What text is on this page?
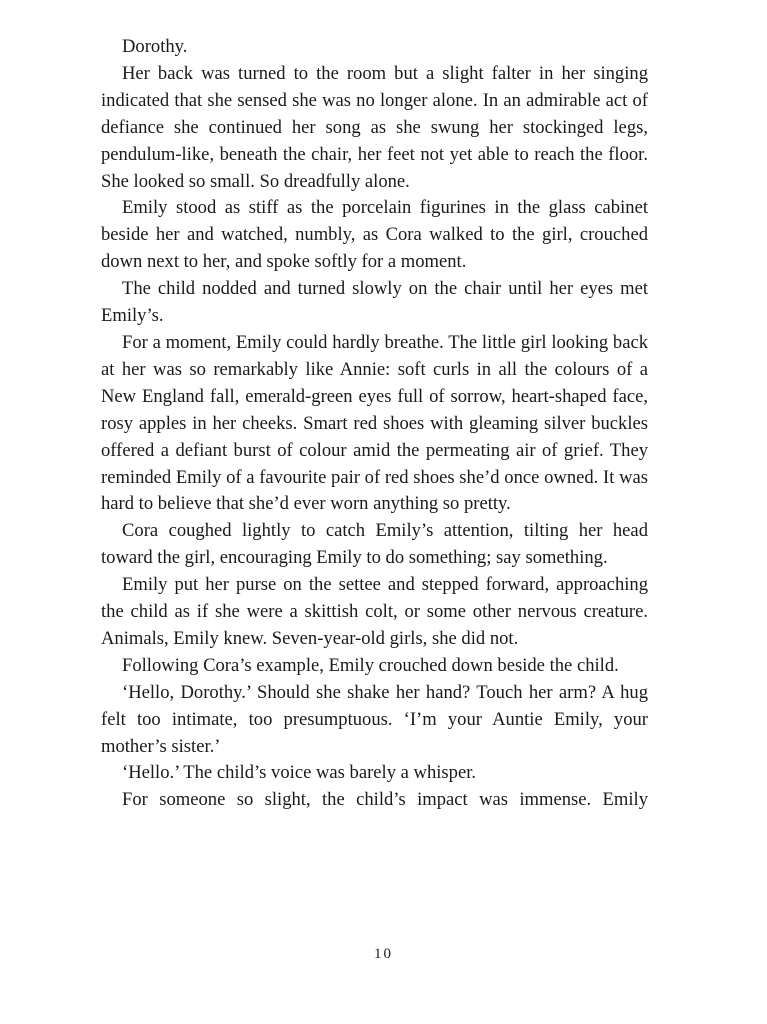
Dorothy.

Her back was turned to the room but a slight falter in her singing indicated that she sensed she was no longer alone. In an admirable act of defiance she continued her song as she swung her stockinged legs, pendulum-like, beneath the chair, her feet not yet able to reach the floor. She looked so small. So dreadfully alone.

Emily stood as stiff as the porcelain figurines in the glass cabinet beside her and watched, numbly, as Cora walked to the girl, crouched down next to her, and spoke softly for a moment.

The child nodded and turned slowly on the chair until her eyes met Emily’s.

For a moment, Emily could hardly breathe. The little girl looking back at her was so remarkably like Annie: soft curls in all the colours of a New England fall, emerald-green eyes full of sorrow, heart-shaped face, rosy apples in her cheeks. Smart red shoes with gleaming silver buckles offered a defiant burst of colour amid the permeating air of grief. They reminded Emily of a favourite pair of red shoes she’d once owned. It was hard to believe that she’d ever worn anything so pretty.

Cora coughed lightly to catch Emily’s attention, tilting her head toward the girl, encouraging Emily to do something; say something.

Emily put her purse on the settee and stepped forward, approaching the child as if she were a skittish colt, or some other nervous creature. Animals, Emily knew. Seven-year-old girls, she did not.

Following Cora’s example, Emily crouched down beside the child.

‘Hello, Dorothy.’ Should she shake her hand? Touch her arm? A hug felt too intimate, too presumptuous. ‘I’m your Auntie Emily, your mother’s sister.’

‘Hello.’ The child’s voice was barely a whisper.

For someone so slight, the child’s impact was immense. Emily

10
